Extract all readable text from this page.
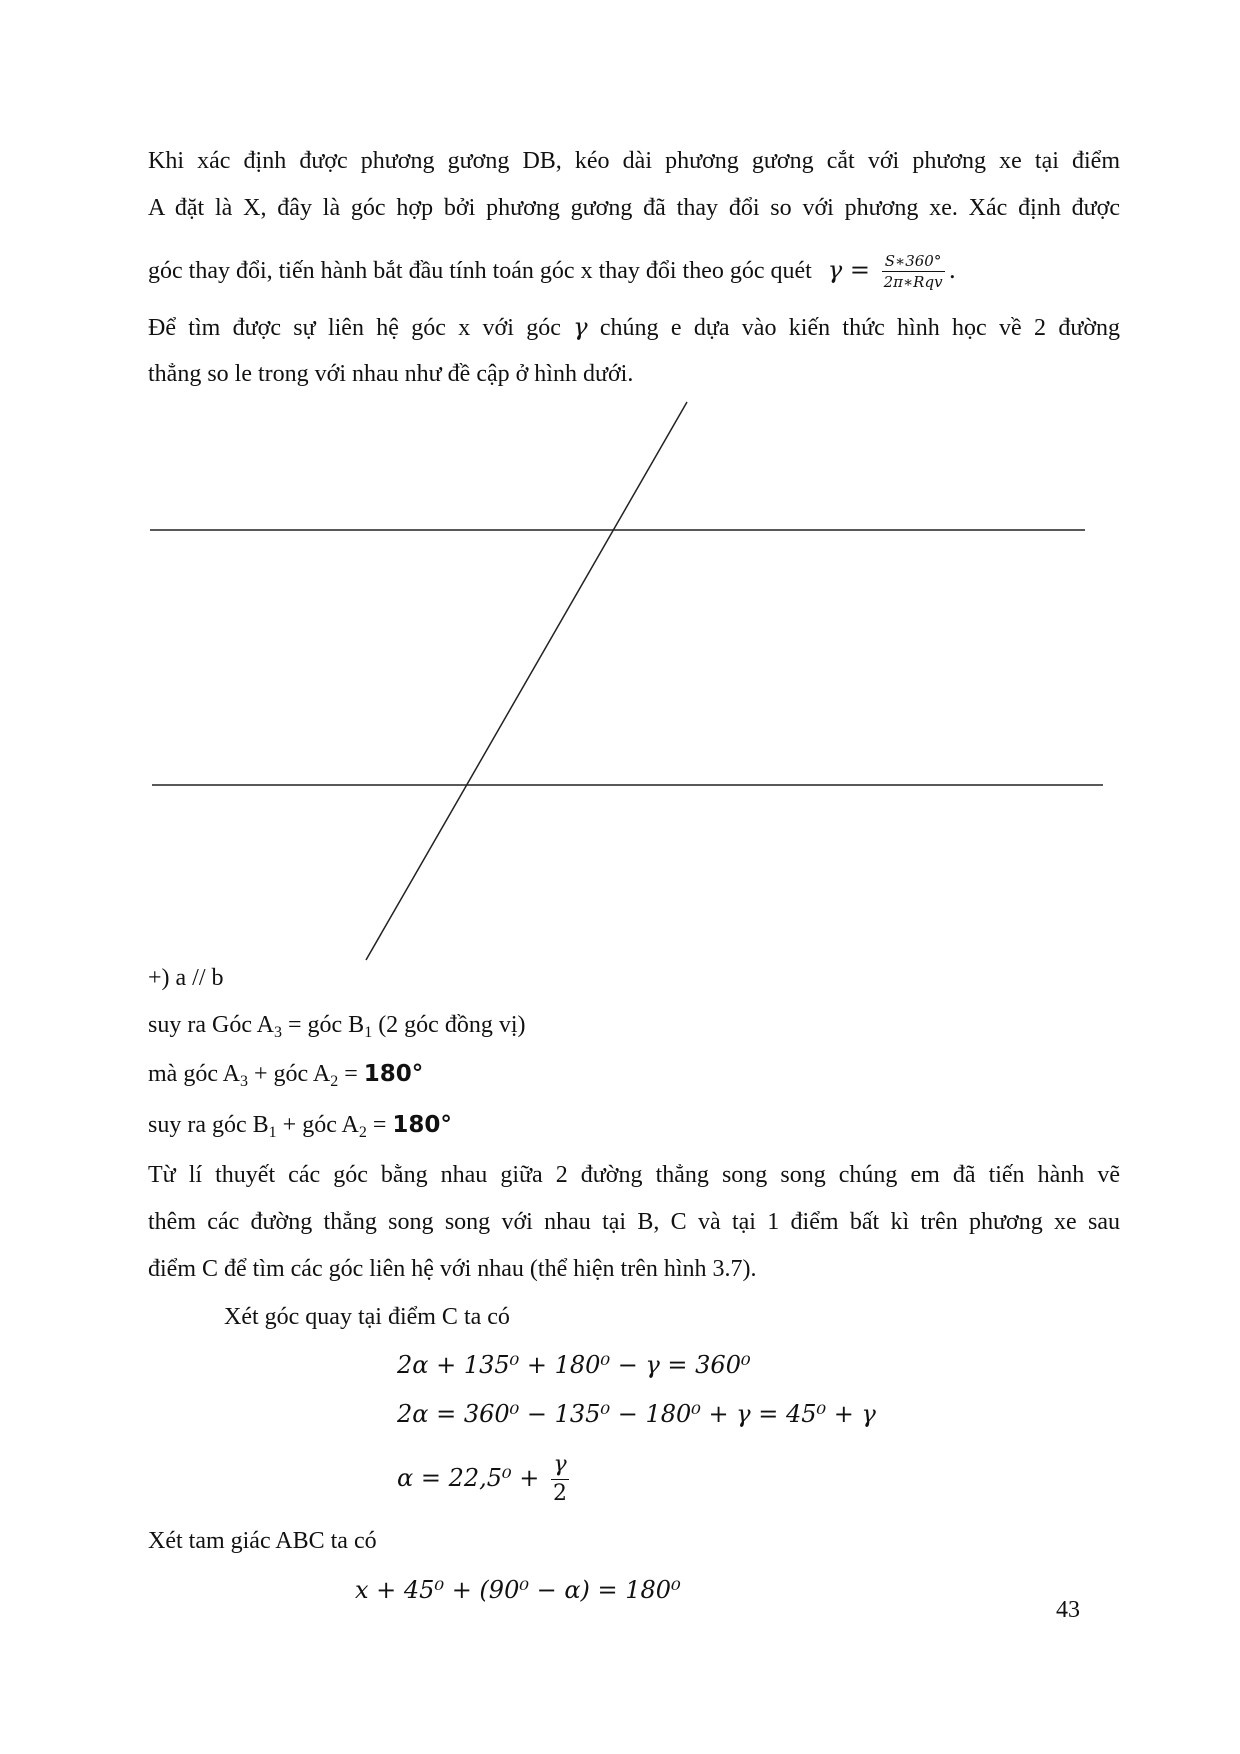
Khi xác định được phương gương DB, kéo dài phương gương cắt với phương xe tại điểm
A đặt là X, đây là góc hợp bởi phương gương đã thay đổi so với phương xe. Xác định được
góc thay đổi, tiến hành bắt đầu tính toán góc x thay đổi theo góc quét $\gamma = \frac{S∗360^\circ}{\text{2π∗Rqv}}$ .
Để tìm được sự liên hệ góc x với góc γ chúng e dựa vào kiến thức hình học về 2 đường
thẳng so le trong với nhau như đề cập ở hình dưới.
+) a // b
suy ra Góc $A_3$ = góc $B_1$ (2 góc đồng vị)
mà góc $A_3$ + góc $A_2 = 180^\circ$
suy ra góc $B_1$ + góc $A_2 = 180^\circ$
Từ lí thuyết các góc bằng nhau giữa 2 đường thẳng song song chúng em đã tiến hành vẽ
thêm các đường thẳng song song với nhau tại B, C và tại 1 điểm bất kì trên phương xe sau
điểm C để tìm các góc liên hệ với nhau (thể hiện trên hình 3.7).
Xét góc quay tại điểm C ta có
2α + 135⁰ + 180⁰ − γ = 360⁰
2α = 360⁰ − 135⁰ − 180⁰ + γ = 45⁰ + γ
$\alpha = 22,5^0 + \frac{\gamma}{2}$
Xét tam giác ABC ta có
x + 45⁰ + (90⁰ − α) = 180⁰
43
